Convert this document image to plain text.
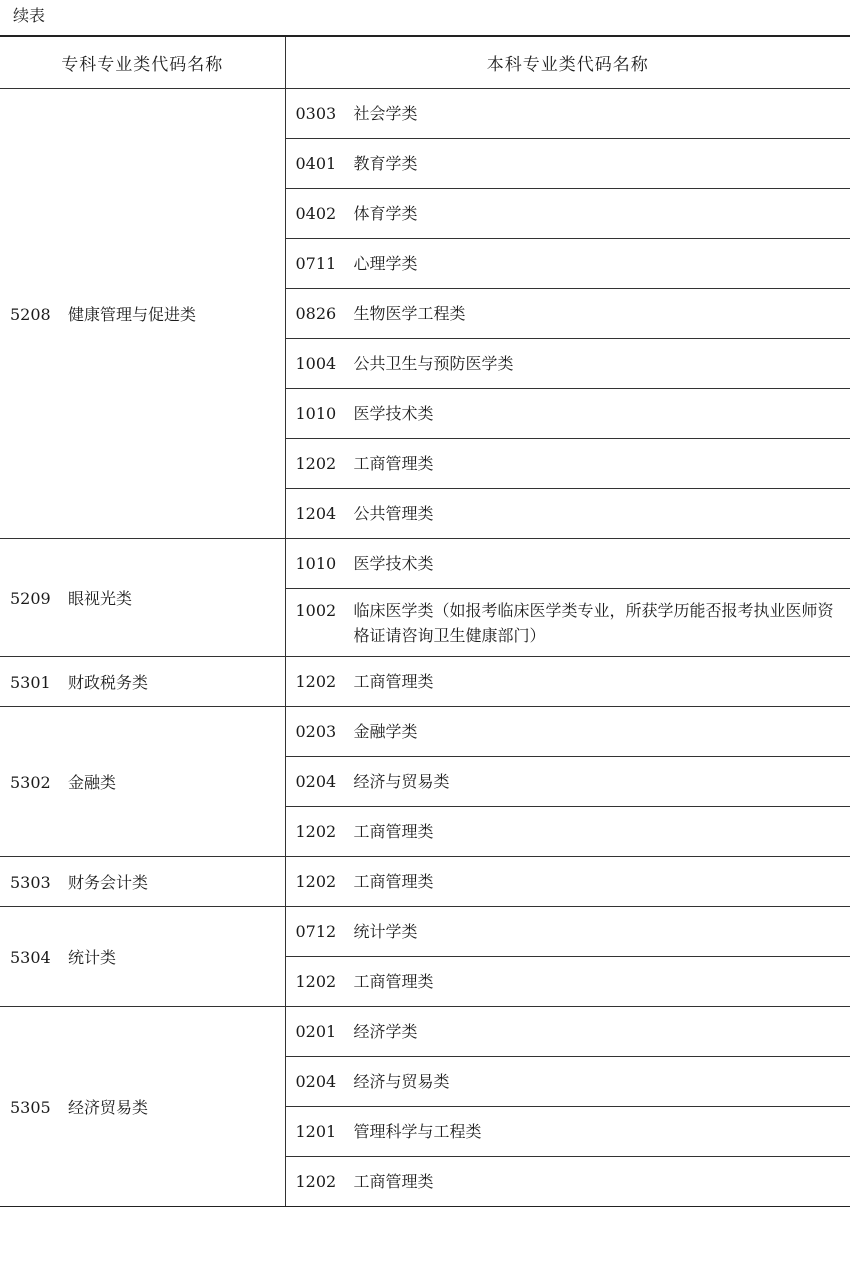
续表
专科专业类代码名称	本科专业类代码名称
5208 健康管理与促进类	0303 社会学类

	0401 教育学类

	0402 体育学类

	0711 心理学类

	0826 生物医学工程类

	1004 公共卫生与预防医学类

	1010 医学技术类

	1202 工商管理类

	1204 公共管理类

5209 眼视光类	1010 医学技术类

	1002 临床医学类（如报考临床医学类专业，所获学历能否报考执业医师资格证请咨询卫生健康部门）

5301 财政税务类	1202 工商管理类

5302 金融类	0203 金融学类

	0204 经济与贸易类

	1202 工商管理类

5303 财务会计类	1202 工商管理类

5304 统计类	0712 统计学类

	1202 工商管理类

5305 经济贸易类	0201 经济学类

	0204 经济与贸易类

	1201 管理科学与工程类

	1202 工商管理类
